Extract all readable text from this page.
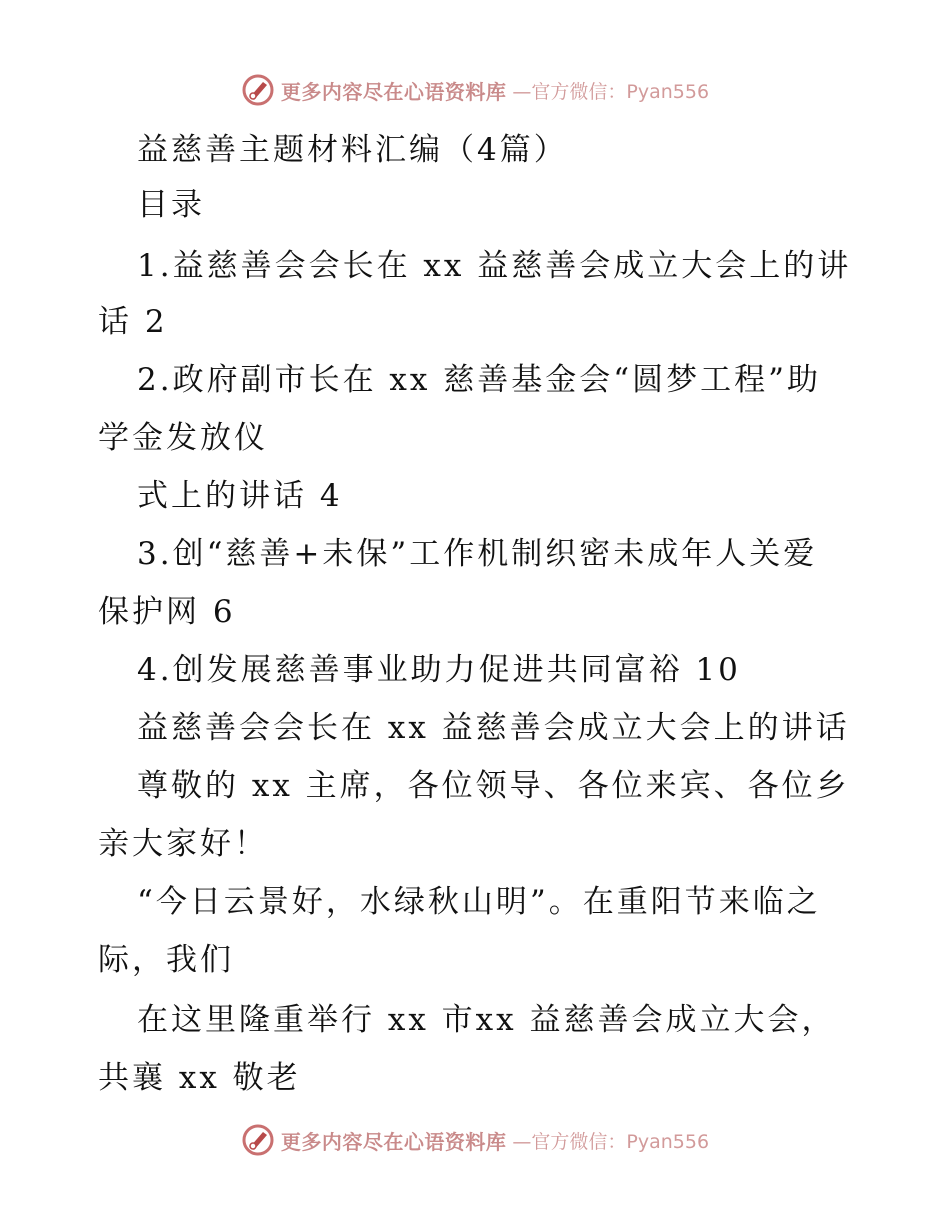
更多内容尽在心语资料库 —官方微信：Pyan556
益慈善主题材料汇编（4篇）
目录
1.益慈善会会长在 xx 益慈善会成立大会上的讲
话 2
2.政府副市长在 xx 慈善基金会“圆梦工程”助
学金发放仪
式上的讲话 4
3.创“慈善+未保”工作机制织密未成年人关爱
保护网 6
4.创发展慈善事业助力促进共同富裕 10
益慈善会会长在 xx 益慈善会成立大会上的讲话
尊敬的 xx 主席，各位领导、各位来宾、各位乡
亲大家好！
“今日云景好，水绿秋山明”。在重阳节来临之
际，我们
在这里隆重举行 xx 市xx 益慈善会成立大会，
共襄 xx 敬老
更多内容尽在心语资料库 —官方微信：Pyan556
